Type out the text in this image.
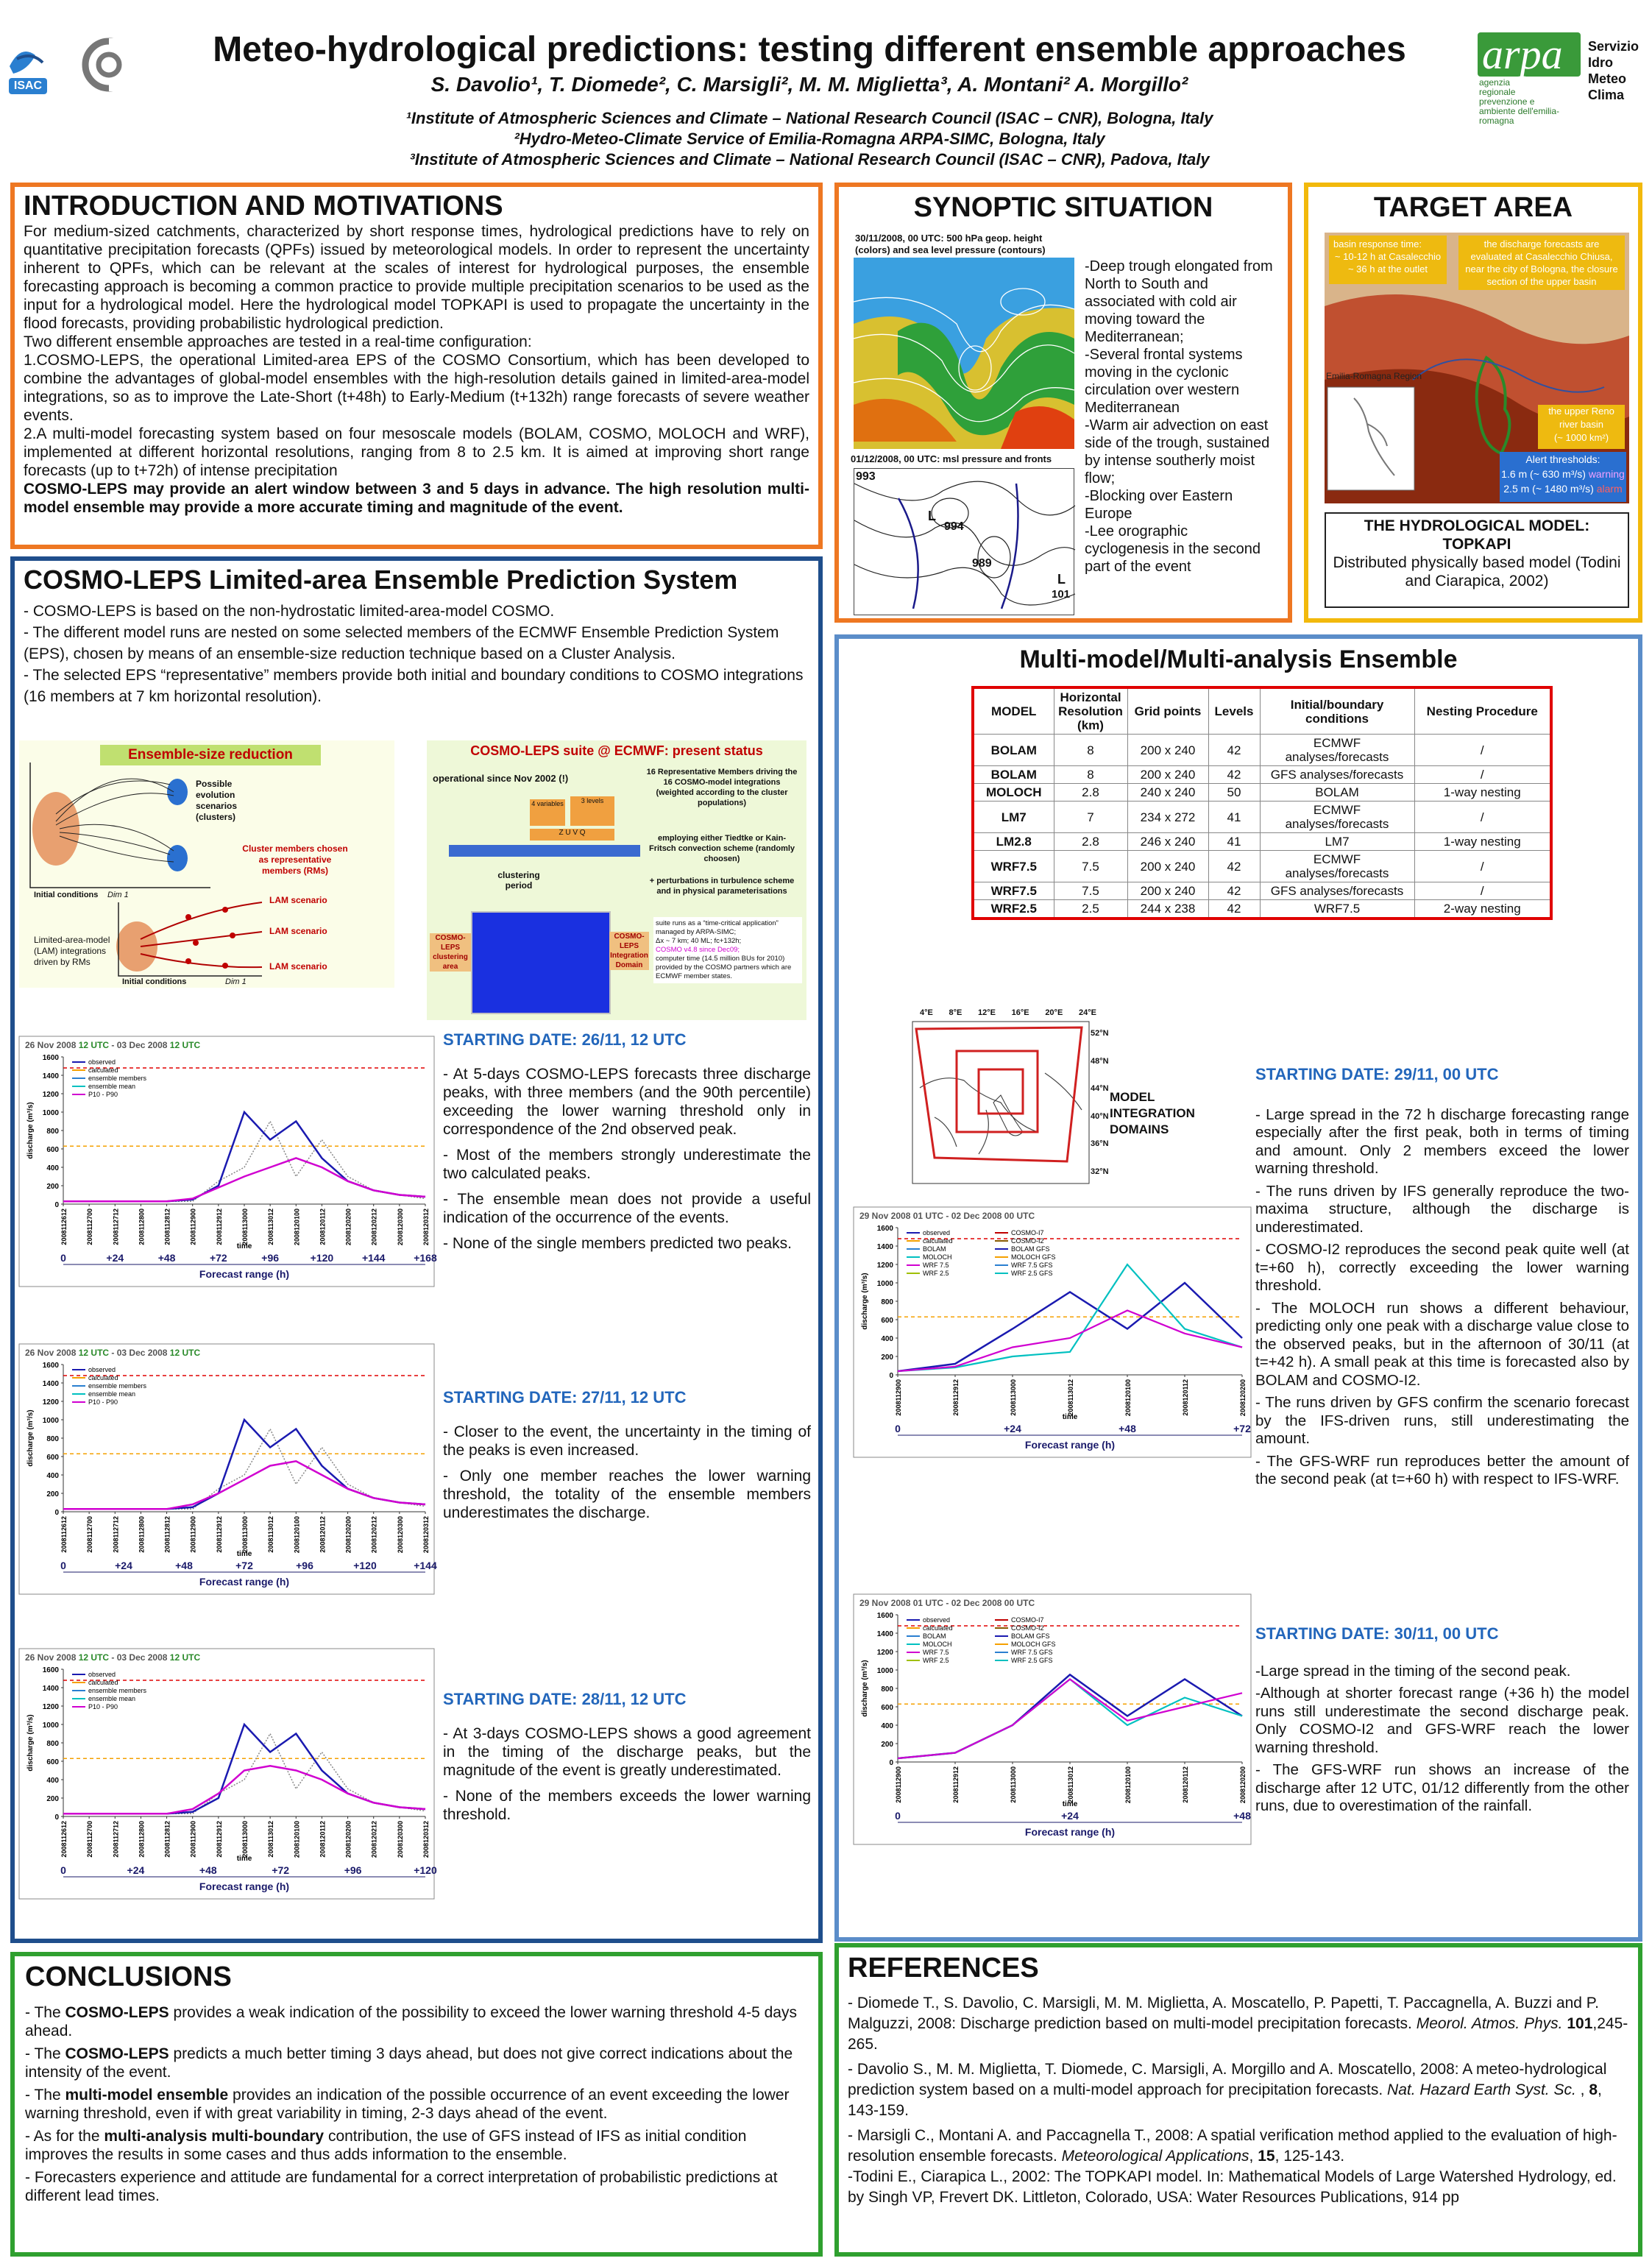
ISAC
Meteo-hydrological predictions: testing different ensemble approaches
S. Davolio¹, T. Diomede², C. Marsigli², M. M. Miglietta³, A. Montani² A. Morgillo²
¹Institute of Atmospheric Sciences and Climate – National Research Council (ISAC – CNR), Bologna, Italy
²Hydro-Meteo-Climate Service of Emilia-Romagna ARPA-SIMC, Bologna, Italy
³Institute of Atmospheric Sciences and Climate – National Research Council (ISAC – CNR), Padova, Italy
arpa
agenzia
regionale
prevenzione e
ambiente dell'emilia-romagna
Servizio
Idro
Meteo
Clima
INTRODUCTION AND MOTIVATIONS
For medium-sized catchments, characterized by short response times, hydrological predictions have to rely on quantitative precipitation forecasts (QPFs) issued by meteorological models. In order to represent the uncertainty inherent to QPFs, which can be relevant at the scales of interest for hydrological purposes, the ensemble forecasting approach is becoming a common practice to provide multiple precipitation scenarios to be used as the input for a hydrological model. Here the hydrological model TOPKAPI is used to propagate the uncertainty in the flood forecasts, providing probabilistic hydrological prediction.
Two different ensemble approaches are tested in a real-time configuration:
1.COSMO-LEPS, the operational Limited-area EPS of the COSMO Consortium, which has been developed to combine the advantages of global-model ensembles with the high-resolution details gained in limited-area-model integrations, so as to improve the Late-Short (t+48h) to Early-Medium (t+132h) range forecasts of severe weather events.
2.A multi-model forecasting system based on four mesoscale models (BOLAM, COSMO, MOLOCH and WRF), implemented at different horizontal resolutions, ranging from 8 to 2.5 km. It is aimed at improving short range forecasts (up to t+72h) of intense precipitation
COSMO-LEPS may provide an alert window between 3 and 5 days in advance. The high resolution multi-model ensemble may provide a more accurate timing and magnitude of the event.
SYNOPTIC SITUATION
30/11/2008, 00 UTC: 500 hPa geop. height (colors) and sea level pressure (contours)
01/12/2008, 00 UTC: msl pressure and fronts
993
994
989
L
L
101
-Deep trough elongated from North to South and associated with cold air moving toward the Mediterranean;
-Several frontal systems moving in the cyclonic circulation over western Mediterranean
-Warm air advection on east side of the trough, sustained by intense southerly moist flow;
-Blocking over Eastern Europe
-Lee orographic cyclogenesis in the second part of the event
TARGET AREA
basin response time:
~ 10-12 h at Casalecchio
~ 36 h at the outlet
the discharge forecasts are evaluated at Casalecchio Chiusa, near the city of Bologna, the closure section of the upper basin
Emilia-Romagna Region
the upper Reno
river basin
(~ 1000 km²)
Alert thresholds:
1.6 m (~ 630 m³/s) warning
2.5 m (~ 1480 m³/s) alarm
THE HYDROLOGICAL MODEL:
TOPKAPI
Distributed physically based model (Todini and Ciarapica, 2002)
COSMO-LEPS Limited-area Ensemble Prediction System
- COSMO-LEPS is based on the non-hydrostatic limited-area-model COSMO.
- The different model runs are nested on some selected members of the ECMWF Ensemble Prediction System (EPS), chosen by means of an ensemble-size reduction technique based on a Cluster Analysis.
- The selected EPS “representative” members provide both initial and boundary conditions to COSMO integrations (16 members at 7 km horizontal resolution).
Ensemble-size reduction
Possible evolution scenarios (clusters)
Cluster members chosen as representative members (RMs)
LAM scenario
LAM scenario
LAM scenario
Initial conditions Dim 1
Initial conditions	Dim 1
Limited-area-model (LAM) integrations driven by RMs
COSMO-LEPS suite @ ECMWF: present status
operational since Nov 2002 (!)
4 variables	3 levels
Z U V Q
clustering period
16 Representative Members driving the 16 COSMO-model integrations (weighted according to the cluster populations)
employing either Tiedtke or Kain-Fritsch convection scheme (randomly choosen)
+ perturbations in turbulence scheme and in physical parameterisations
COSMO-LEPS clustering area
COSMO-LEPS Integration Domain
suite runs as a “time-critical application” managed by ARPA-SIMC;
Δx ~ 7 km; 40 ML; fc+132h;
COSMO v4.8 since Dec09;
computer time (14.5 million BUs for 2010) provided by the COSMO partners which are ECMWF member states.
26 Nov 2008 12 UTC - 03 Dec 2008 12 UTC
0
200
400
600
800
1000
1200
1400
1600
discharge (m³/s)
2008112612	2008112700	2008112712	2008112800	2008112812	2008112900	2008112912	2008113000	2008113012	2008120100	2008120112	2008120200	2008120212	2008120300	2008120312
time
observed
calculated
ensemble members
ensemble mean
P10 - P90
0	+24	+48	+72	+96	+120	+144	+168
Forecast range (h)
26 Nov 2008 12 UTC - 03 Dec 2008 12 UTC
0
200
400
600
800
1000
1200
1400
1600
discharge (m³/s)
2008112612	2008112700	2008112712	2008112800	2008112812	2008112900	2008112912	2008113000	2008113012	2008120100	2008120112	2008120200	2008120212	2008120300	2008120312
time
observed
calculated
ensemble members
ensemble mean
P10 - P90
0	+24	+48	+72	+96	+120	+144
Forecast range (h)
26 Nov 2008 12 UTC - 03 Dec 2008 12 UTC
0
200
400
600
800
1000
1200
1400
1600
discharge (m³/s)
2008112612	2008112700	2008112712	2008112800	2008112812	2008112900	2008112912	2008113000	2008113012	2008120100	2008120112	2008120200	2008120212	2008120300	2008120312
time
observed
calculated
ensemble members
ensemble mean
P10 - P90
0	+24	+48	+72	+96	+120
Forecast range (h)
STARTING DATE: 26/11, 12 UTC
- At 5-days COSMO-LEPS forecasts three discharge peaks, with three members (and the 90th percentile) exceeding the lower warning threshold only in correspondence of the 2nd observed peak.
- Most of the members strongly underestimate the two calculated peaks.
- The ensemble mean does not provide a useful indication of the occurrence of the events.
- None of the single members predicted two peaks.
STARTING DATE: 27/11, 12 UTC
- Closer to the event, the uncertainty in the timing of the peaks is even increased.
- Only one member reaches the lower warning threshold, the totality of the ensemble members underestimates the discharge.
STARTING DATE: 28/11, 12 UTC
- At 3-days COSMO-LEPS shows a good agreement in the timing of the discharge peaks, but the magnitude of the event is greatly underestimated.
- None of the members exceeds the lower warning threshold.
Multi-model/Multi-analysis Ensemble
MODEL	Horizontal Resolution (km)	Grid points	Levels	Initial/boundary conditions	Nesting Procedure
BOLAM	8	200 x 240	42	ECMWF analyses/forecasts	/
BOLAM	8	200 x 240	42	GFS analyses/forecasts	/
MOLOCH	2.8	240 x 240	50	BOLAM	1-way nesting
LM7	7	234 x 272	41	ECMWF analyses/forecasts	/
LM2.8	2.8	246 x 240	41	LM7	1-way nesting
WRF7.5	7.5	200 x 240	42	ECMWF analyses/forecasts	/
WRF7.5	7.5	200 x 240	42	GFS analyses/forecasts	/
WRF2.5	2.5	244 x 238	42	WRF7.5	2-way nesting
4°E 8°E 12°E 16°E 20°E 24°E
52°N
48°N
44°N
40°N
36°N
32°N
MODEL INTEGRATION DOMAINS
29 Nov 2008 01 UTC - 02 Dec 2008 00 UTC
0
200
400
600
800
1000
1200
1400
1600
discharge (m³/s)
2008112900	2008112912	2008113000	2008113012	2008120100	2008120112	2008120200
time
observed
calculated
BOLAM
MOLOCH
WRF 7.5
WRF 2.5
COSMO-I7
COSMO-I2
BOLAM GFS
MOLOCH GFS
WRF 7.5 GFS
WRF 2.5 GFS
0	+24	+48	+72
Forecast range (h)
29 Nov 2008 01 UTC - 02 Dec 2008 00 UTC
0
200
400
600
800
1000
1200
1400
1600
discharge (m³/s)
2008112900	2008112912	2008113000	2008113012	2008120100	2008120112	2008120200
time
observed
calculated
BOLAM
MOLOCH
WRF 7.5
WRF 2.5
COSMO-I7
COSMO-I2
BOLAM GFS
MOLOCH GFS
WRF 7.5 GFS
WRF 2.5 GFS
0	+24	+48
Forecast range (h)
STARTING DATE: 29/11, 00 UTC
- Large spread in the 72 h discharge forecasting range especially after the first peak, both in terms of timing and amount. Only 2 members exceed the lower warning threshold.
- The runs driven by IFS generally reproduce the two-maxima structure, although the discharge is underestimated.
- COSMO-I2 reproduces the second peak quite well (at t=+60 h), correctly exceeding the lower warning threshold.
- The MOLOCH run shows a different behaviour, predicting only one peak with a discharge value close to the observed peaks, but in the afternoon of 30/11 (at t=+42 h). A small peak at this time is forecasted also by BOLAM and COSMO-I2.
- The runs driven by GFS confirm the scenario forecast by the IFS-driven runs, still underestimating the amount.
- The GFS-WRF run reproduces better the amount of the second peak (at t=+60 h) with respect to IFS-WRF.
STARTING DATE: 30/11, 00 UTC
-Large spread in the timing of the second peak.
-Although at shorter forecast range (+36 h) the model runs still underestimate the second discharge peak. Only COSMO-I2 and GFS-WRF reach the lower warning threshold.
- The GFS-WRF run shows an increase of the discharge after 12 UTC, 01/12 differently from the other runs, due to overestimation of the rainfall.
CONCLUSIONS
- The COSMO-LEPS provides a weak indication of the possibility to exceed the lower warning threshold 4-5 days ahead.
- The COSMO-LEPS predicts a much better timing 3 days ahead, but does not give correct indications about the intensity of the event.
- The multi-model ensemble provides an indication of the possible occurrence of an event exceeding the lower warning threshold, even if with great variability in timing, 2-3 days ahead of the event.
- As for the multi-analysis multi-boundary contribution, the use of GFS instead of IFS as initial condition improves the results in some cases and thus adds information to the ensemble.
- Forecasters experience and attitude are fundamental for a correct interpretation of probabilistic predictions at different lead times.
REFERENCES
- Diomede T., S. Davolio, C. Marsigli, M. M. Miglietta, A. Moscatello, P. Papetti, T. Paccagnella, A. Buzzi and P. Malguzzi, 2008: Discharge prediction based on multi-model precipitation forecasts. Meorol. Atmos. Phys. 101,245-265.
- Davolio S., M. M. Miglietta, T. Diomede, C. Marsigli, A. Morgillo and A. Moscatello, 2008: A meteo-hydrological prediction system based on a multi-model approach for precipitation forecasts. Nat. Hazard Earth Syst. Sc. , 8, 143-159.
- Marsigli C., Montani A. and Paccagnella T., 2008: A spatial verification method applied to the evaluation of high-resolution ensemble forecasts. Meteorological Applications, 15, 125-143.
-Todini E., Ciarapica L., 2002: The TOPKAPI model. In: Mathematical Models of Large Watershed Hydrology, ed. by Singh VP, Frevert DK. Littleton, Colorado, USA: Water Resources Publications, 914 pp
